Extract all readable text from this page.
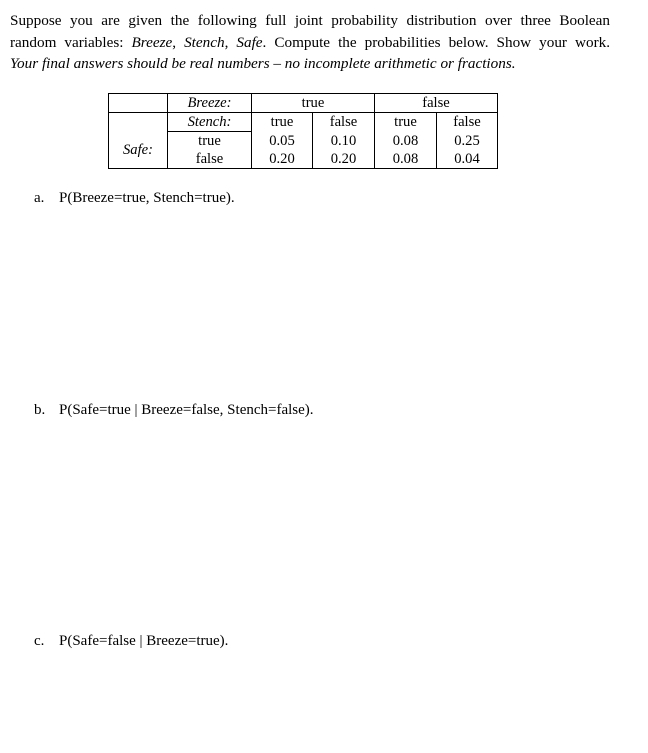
Suppose you are given the following full joint probability distribution over three Boolean
random variables: Breeze, Stench, Safe. Compute the probabilities below. Show your work.
Your final answers should be real numbers – no incomplete arithmetic or fractions.
	Breeze:	true		false	
	Stench:	true	false	true	false
Safe:	true	0.05	0.10	0.08	0.25
	false	0.20	0.20	0.08	0.04
a. P(Breeze=true, Stench=true).
b. P(Safe=true | Breeze=false, Stench=false).
c. P(Safe=false | Breeze=true).
